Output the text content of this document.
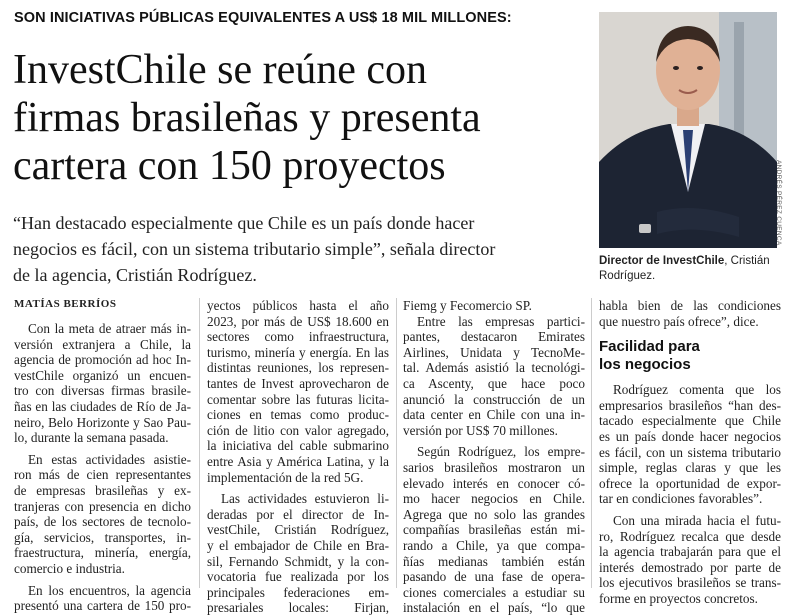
SON INICIATIVAS PÚBLICAS EQUIVALENTES A US$ 18 MIL MILLONES:
InvestChile se reúne con
firmas brasileñas y presenta
cartera con 150 proyectos

“Han destacado especialmente que Chile es un país donde hacer
negocios es fácil, con un sistema tributario simple”, señala director
de la agencia, Cristián Rodríguez.

ANDRÉS PÉREZ CUENCA
Director de InvestChile, Cristián
Rodríguez.
MATÍAS BERRÍOS

Con la meta de atraer más in-
versión extranjera a Chile, la
agencia de promoción ad hoc In-
vestChile organizó un encuen-
tro con diversas firmas brasile-
ñas en las ciudades de Río de Ja-
neiro, Belo Horizonte y Sao Pau-
lo, durante la semana pasada.

En estas actividades asistie-
ron más de cien representantes
de empresas brasileñas y ex-
tranjeras con presencia en dicho
país, de los sectores de tecnolo-
gía, servicios, transportes, in-
fraestructura, minería, energía,
comercio e industria.

En los encuentros, la agencia
presentó una cartera de 150 pro-

yectos públicos hasta el año
2023, por más de US$ 18.600 en
sectores como infraestructura,
turismo, minería y energía. En las
distintas reuniones, los represen-
tantes de Invest aprovecharon de
comentar sobre las futuras licita-
ciones en temas como produc-
ción de litio con valor agregado,
la iniciativa del cable submarino
entre Asia y América Latina, y la
implementación de la red 5G.

Las actividades estuvieron li-
deradas por el director de In-
vestChile, Cristián Rodríguez,
y el embajador de Chile en Bra-
sil, Fernando Schmidt, y la con-
vocatoria fue realizada por los
principales federaciones em-
presariales locales: Firjan,

Fiemg y Fecomercio SP.

Entre las empresas partici-
pantes, destacaron Emirates
Airlines, Unidata y TecnoMe-
tal. Además asistió la tecnológi-
ca Ascenty, que hace poco
anunció la construcción de un
data center en Chile con una in-
versión por US$ 70 millones.

Según Rodríguez, los empre-
sarios brasileños mostraron un
elevado interés en conocer có-
mo hacer negocios en Chile.
Agrega que no solo las grandes
compañías brasileñas están mi-
rando a Chile, ya que compa-
ñías medianas también están
pasando de una fase de opera-
ciones comerciales a estudiar su
instalación en el país, “lo que

habla bien de las condiciones
que nuestro país ofrece”, dice.

Facilidad para
los negocios

Rodríguez comenta que los
empresarios brasileños “han des-
tacado especialmente que Chile
es un país donde hacer negocios
es fácil, con un sistema tributario
simple, reglas claras y que les
ofrece la oportunidad de expor-
tar en condiciones favorables”.

Con una mirada hacia el futu-
ro, Rodríguez recalca que desde
la agencia trabajarán para que el
interés demostrado por parte de
los ejecutivos brasileños se trans-
forme en proyectos concretos.
